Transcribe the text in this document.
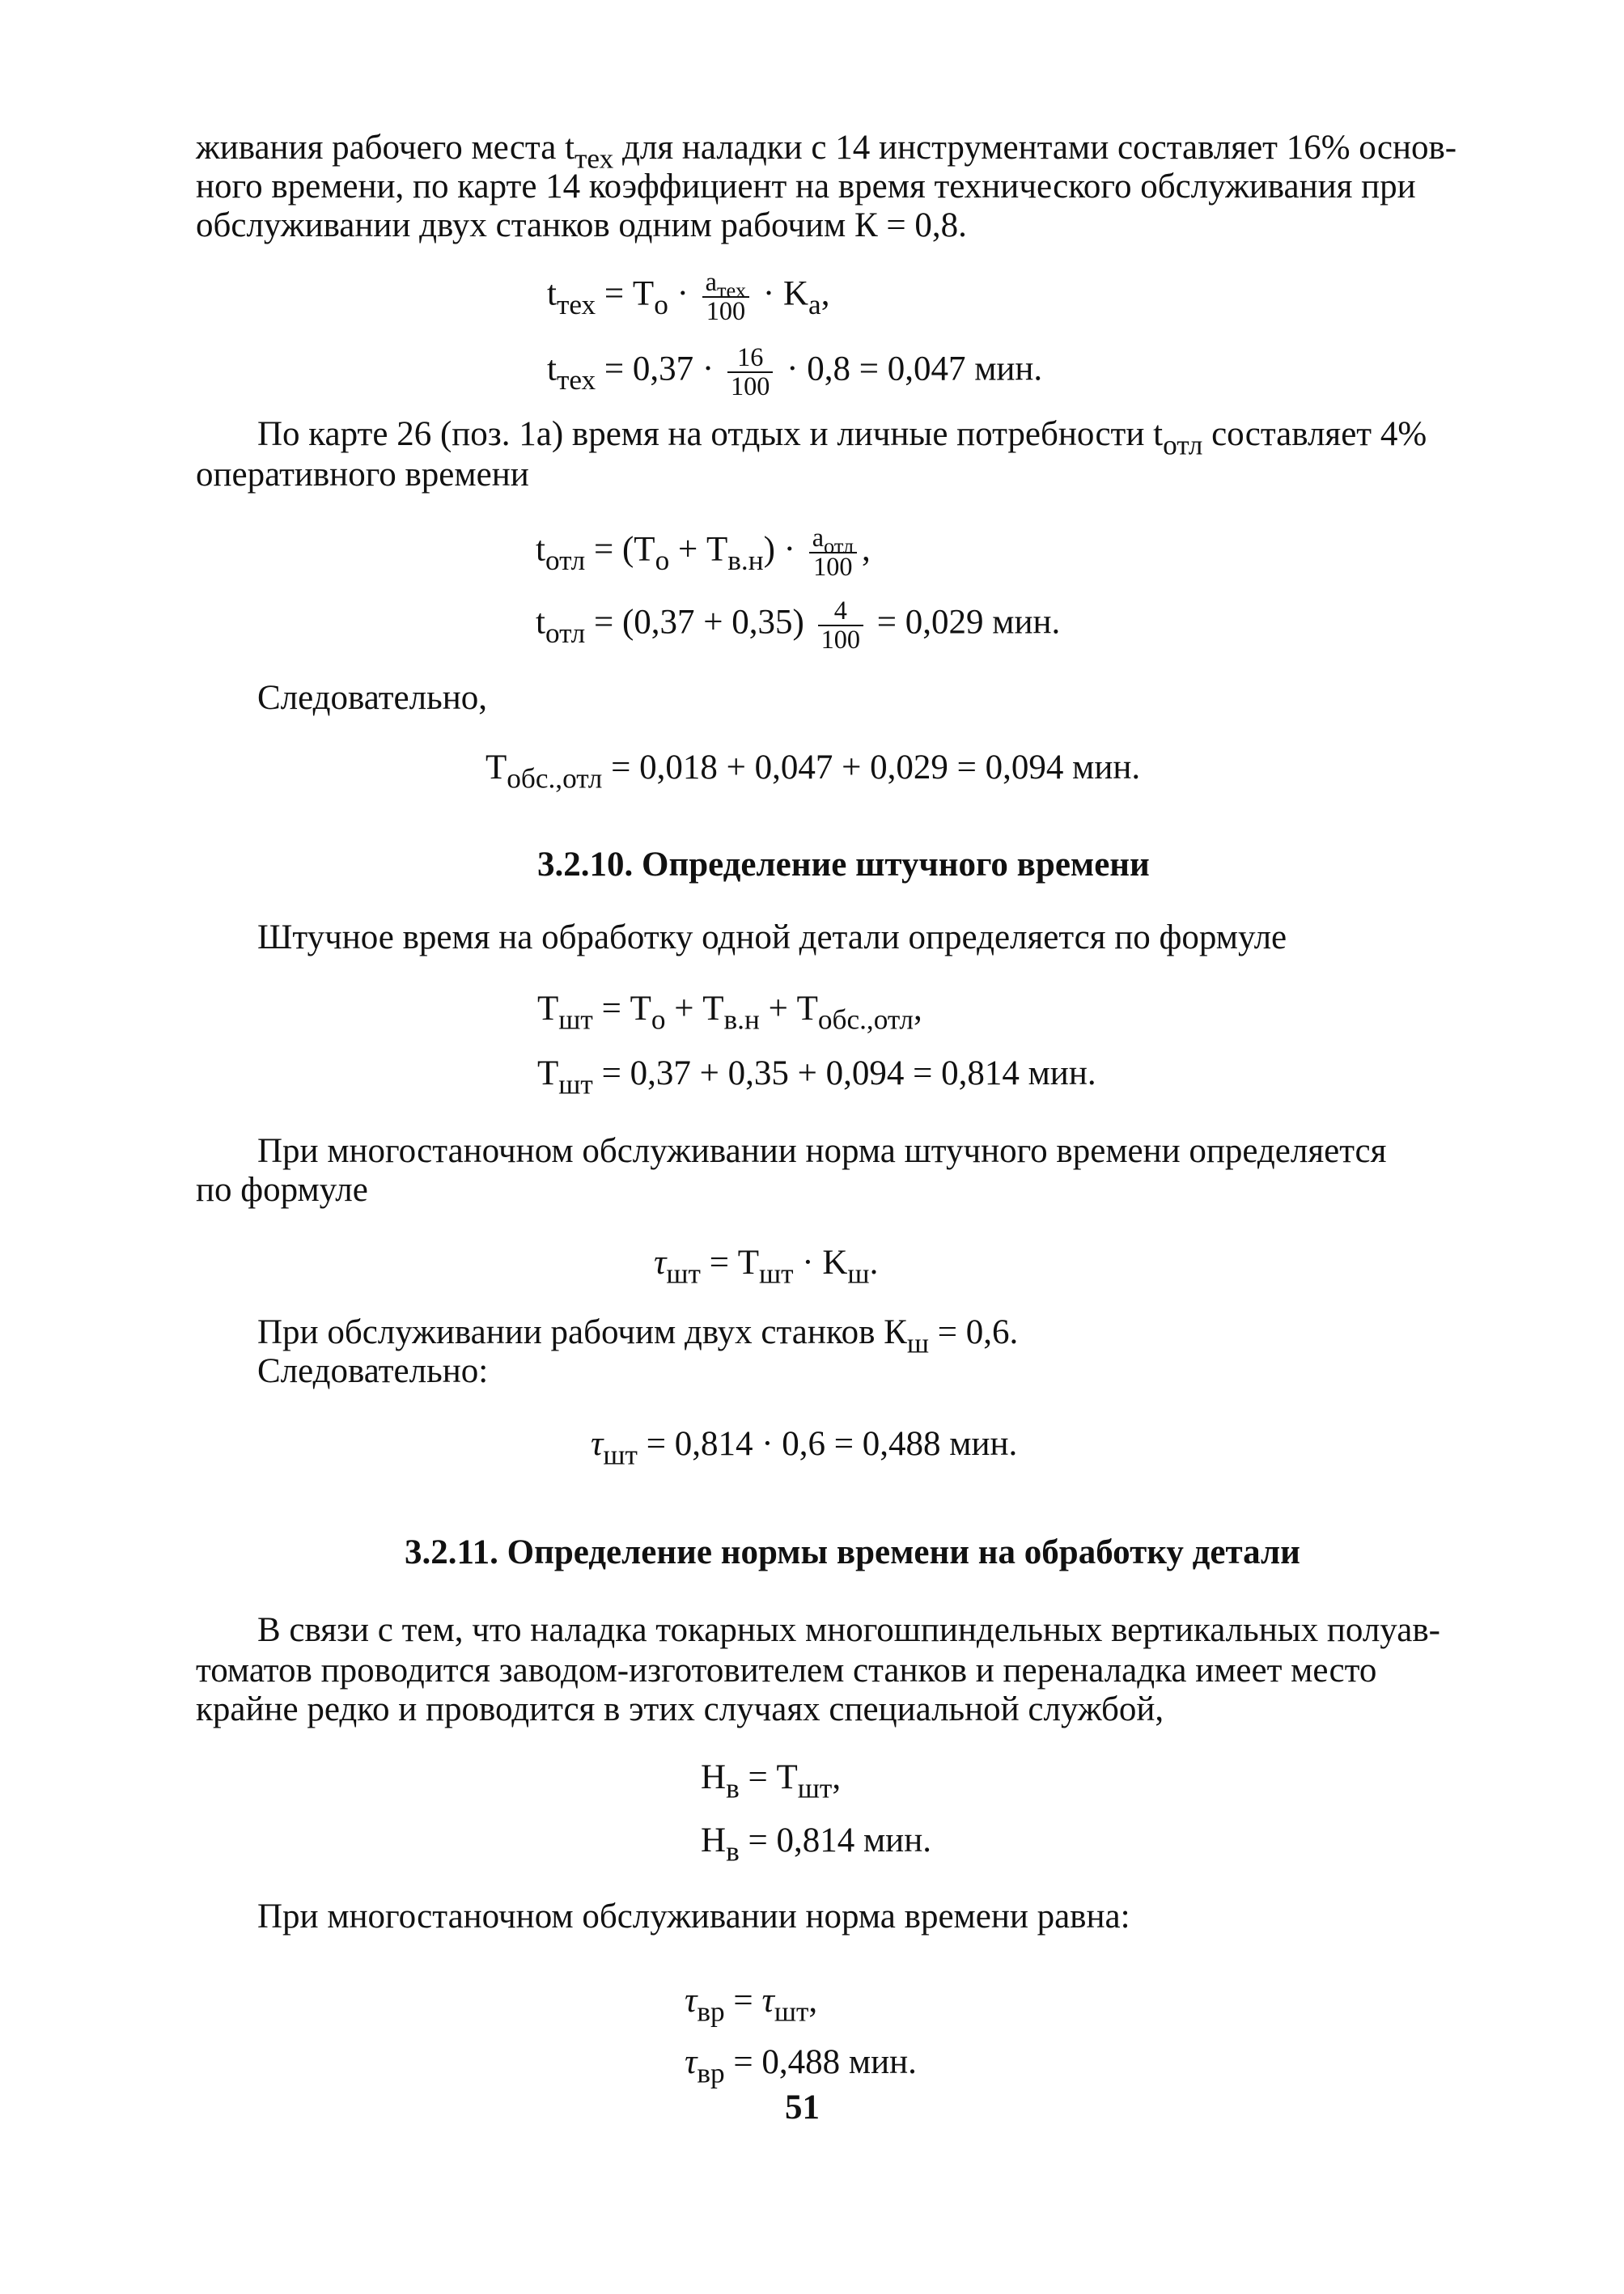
живания рабочего места $t_{тех}$ для наладки с 14 инструментами составляет 16% основ-

ного времени, по карте 14 коэффициент на время технического обслуживания при

обслуживании двух станков одним рабочим К = 0,8.

$t_{тех} = T_о \cdot \frac{a_{тех}}{100} \cdot K_a$,
$t_{тех} = 0,37 \cdot \frac{16}{100} \cdot 0,8 = 0,047$ мин.

По карте 26 (поз. 1а) время на отдых и личные потребности $t_{отл}$ составляет 4%

оперативного времени

$t_{отл} = (T_о + T_{в.н}) \cdot \frac{a_{отл}}{100}$ ,
$t_{отл} = (0,37 + 0,35) \frac{4}{100} = 0,029$ мин.

Следовательно,

$T_{обс.,отл} = 0,018 + 0,047 + 0,029 = 0,094$ мин.
3.2.10. Определение штучного времени

Штучное время на обработку одной детали определяется по формуле

$T_{шт} = T_о + T_{в.н} + T_{обс.,отл}$,
$T_{шт} = 0,37 + 0,35 + 0,094 = 0,814$ мин.

При многостаночном обслуживании норма штучного времени определяется

по формуле

$\tau_{шт} = T_{шт} \cdot K_ш$.

При обслуживании рабочим двух станков $К_ш = 0,6$.

Следовательно:

$\tau_{шт} = 0,814 \cdot 0,6 = 0,488$ мин.
3.2.11. Определение нормы времени на обработку детали

В связи с тем, что наладка токарных многошпиндельных вертикальных полуав-

томатов проводится заводом-изготовителем станков и переналадка имеет место

крайне редко и проводится в этих случаях специальной службой,

$H_в = T_{шт}$,
$H_в = 0,814$ мин.

При многостаночном обслуживании норма времени равна:

$\tau_{вр} = \tau_{шт}$,
$\tau_{вр} = 0,488$ мин.
51
